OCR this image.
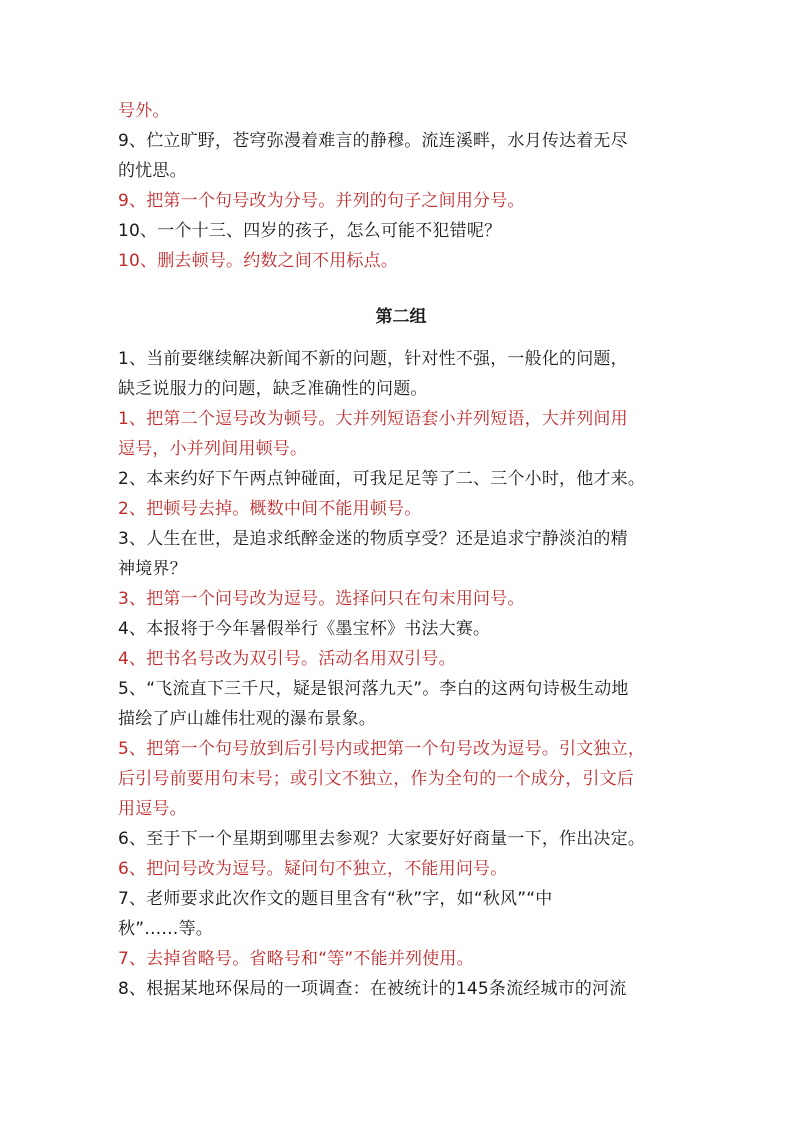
号外。
9、伫立旷野，苍穹弥漫着难言的静穆。流连溪畔，水月传达着无尽
的忧思。
9、把第一个句号改为分号。并列的句子之间用分号。
10、一个十三、四岁的孩子，怎么可能不犯错呢？
10、删去顿号。约数之间不用标点。
第二组
1、当前要继续解决新闻不新的问题，针对性不强，一般化的问题，
缺乏说服力的问题，缺乏准确性的问题。
1、把第二个逗号改为顿号。大并列短语套小并列短语，大并列间用
逗号，小并列间用顿号。
2、本来约好下午两点钟碰面，可我足足等了二、三个小时，他才来。
2、把顿号去掉。概数中间不能用顿号。
3、人生在世，是追求纸醉金迷的物质享受？还是追求宁静淡泊的精
神境界？
3、把第一个问号改为逗号。选择问只在句末用问号。
4、本报将于今年暑假举行《墨宝杯》书法大赛。
4、把书名号改为双引号。活动名用双引号。
5、“飞流直下三千尺，疑是银河落九天”。李白的这两句诗极生动地
描绘了庐山雄伟壮观的瀑布景象。
5、把第一个句号放到后引号内或把第一个句号改为逗号。引文独立，
后引号前要用句末号；或引文不独立，作为全句的一个成分，引文后
用逗号。
6、至于下一个星期到哪里去参观？大家要好好商量一下，作出决定。
6、把问号改为逗号。疑问句不独立，不能用问号。
7、老师要求此次作文的题目里含有“秋”字，如“秋风”“中
秋”……等。
7、去掉省略号。省略号和“等”不能并列使用。
8、根据某地环保局的一项调查：在被统计的145条流经城市的河流
